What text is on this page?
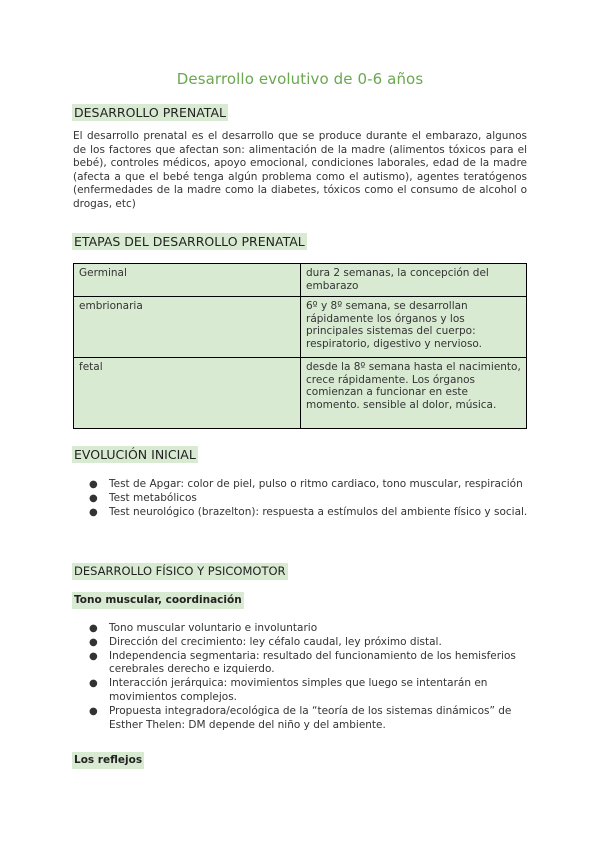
Desarrollo evolutivo de 0-6 años
DESARROLLO PRENATAL
El desarrollo prenatal es el desarrollo que se produce durante el embarazo, algunos de los factores que afectan son: alimentación de la madre (alimentos tóxicos para el bebé), controles médicos, apoyo emocional, condiciones laborales, edad de la madre (afecta a que el bebé tenga algún problema como el autismo), agentes teratógenos (enfermedades de la madre como la diabetes, tóxicos como el consumo de alcohol o drogas, etc)
ETAPAS DEL DESARROLLO PRENATAL
Germinal	dura 2 semanas, la concepción del embarazo
embrionaria	6º y 8º semana, se desarrollan rápidamente los órganos y los principales sistemas del cuerpo: respiratorio, digestivo y nervioso.
fetal	desde la 8º semana hasta el nacimiento, crece rápidamente. Los órganos comienzan a funcionar en este momento. sensible al dolor, música.
EVOLUCIÓN INICIAL
● Test de Apgar: color de piel, pulso o ritmo cardiaco, tono muscular, respiración
● Test metabólicos
● Test neurológico (brazelton): respuesta a estímulos del ambiente físico y social.
DESARROLLO FÍSICO Y PSICOMOTOR
Tono muscular, coordinación
● Tono muscular voluntario e involuntario
● Dirección del crecimiento: ley céfalo caudal, ley próximo distal.
● Independencia segmentaria: resultado del funcionamiento de los hemisferios cerebrales derecho e izquierdo.
● Interacción jerárquica: movimientos simples que luego se intentarán en movimientos complejos.
● Propuesta integradora/ecológica de la “teoría de los sistemas dinámicos” de Esther Thelen: DM depende del niño y del ambiente.
Los reflejos
